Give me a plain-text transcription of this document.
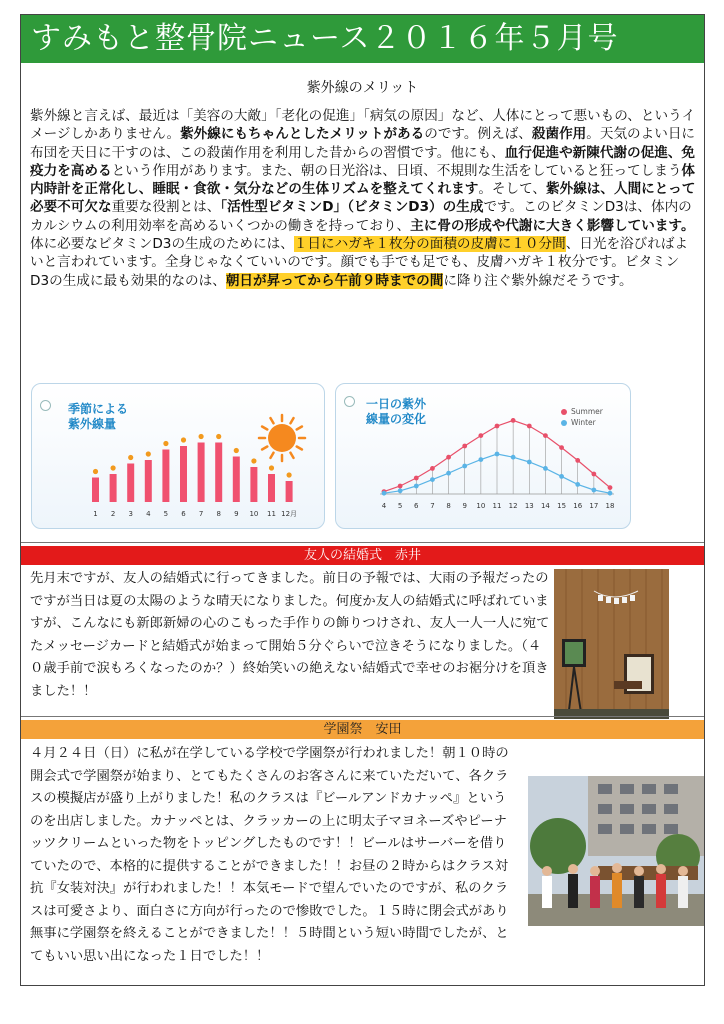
すみもと整骨院ニュース２０１６年５月号
紫外線のメリット
紫外線と言えば、最近は「美容の大敵」「老化の促進」「病気の原因」など、人体にとって悪いもの、というイメージしかありません。紫外線にもちゃんとしたメリットがあるのです。例えば、殺菌作用。天気のよい日に布団を天日に干すのは、この殺菌作用を利用した昔からの習慣です。他にも、血行促進や新陳代謝の促進、免疫力を高めるという作用があります。また、朝の日光浴は、日頃、不規則な生活をしていると狂ってしまう体内時計を正常化し、睡眠・食欲・気分などの生体リズムを整えてくれます。そして、紫外線は、人間にとって必要不可欠な重要な役割とは、「活性型ビタミンD」（ビタミンD3）の生成です。このビタミンD3は、体内のカルシウムの利用効率を高めるいくつかの働きを持っており、主に骨の形成や代謝に大きく影響しています。
体に必要なビタミンD3の生成のためには、１日にハガキ１枚分の面積の皮膚に１０分間、日光を浴びればよいと言われています。全身じゃなくていいのです。顔でも手でも足でも、皮膚ハガキ１枚分です。ビタミンD3の生成に最も効果的なのは、朝日が昇ってから午前９時までの間に降り注ぐ紫外線だそうです。
季節による紫外線量
1 2 3 4 5 6 7 8 9 10 11 12月
一日の紫外線量の変化
Summer
Winter
4 5 6 7 8 9 10 11 12 13 14 15 16 17 18
友人の結婚式　赤井
先月末ですが、友人の結婚式に行ってきました。前日の予報では、大雨の予報だったのですが当日は夏の太陽のような晴天になりました。何度か友人の結婚式に呼ばれていますが、こんなにも新郎新婦の心のこもった手作りの飾りつけされ、友人一人一人に宛てたメッセージカードと結婚式が始まって開始５分ぐらいで泣きそうになりました。（４０歳手前で涙もろくなったのか？）終始笑いの絶えない結婚式で幸せのお裾分けを頂きました！！
学園祭　安田
４月２４日（日）に私が在学している学校で学園祭が行われました！朝１０時の開会式で学園祭が始まり、とてもたくさんのお客さんに来ていただいて、各クラスの模擬店が盛り上がりました！私のクラスは『ビールアンドカナッペ』というのを出店しました。カナッペとは、クラッカーの上に明太子マヨネーズやピーナッツクリームといった物をトッピングしたものです！！ビールはサーバーを借りていたので、本格的に提供することができました！！お昼の２時からはクラス対抗『女装対決』が行われました！！本気モードで望んでいたのですが、私のクラスは可愛さより、面白さに方向が行ったので惨敗でした。１５時に閉会式があり無事に学園祭を終えることができました！！５時間という短い時間でしたが、とてもいい思い出になった１日でした！！
